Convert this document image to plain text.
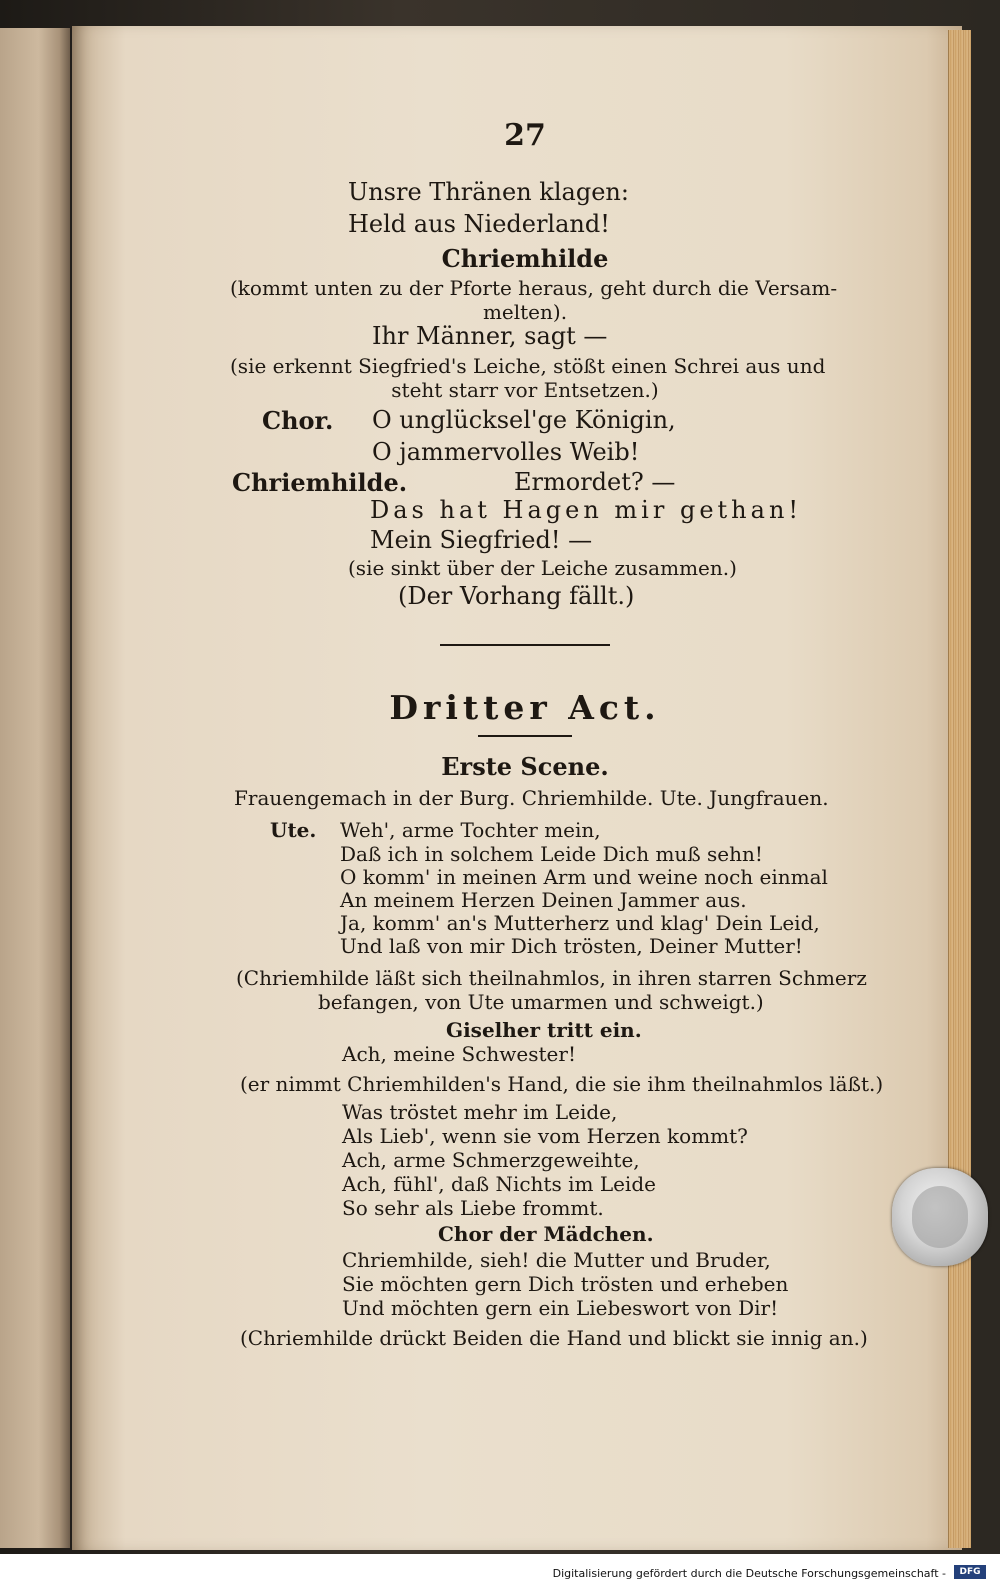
27
Unsre Thränen klagen:
Held aus Niederland!
Chriemhilde
(kommt unten zu der Pforte heraus, geht durch die Versam-
melten).
Ihr Männer, sagt —
(sie erkennt Siegfried's Leiche, stößt einen Schrei aus und
steht starr vor Entsetzen.)
Chor. O unglücksel'ge Königin,
O jammervolles Weib!
Chriemhilde.	Ermordet? —
Das hat Hagen mir gethan!
Mein Siegfried! —
(sie sinkt über der Leiche zusammen.)
(Der Vorhang fällt.)
Dritter Act.
Erste Scene.
Frauengemach in der Burg. Chriemhilde. Ute. Jungfrauen.
Ute. Weh', arme Tochter mein,
Daß ich in solchem Leide Dich muß sehn!
O komm' in meinen Arm und weine noch einmal
An meinem Herzen Deinen Jammer aus.
Ja, komm' an's Mutterherz und klag' Dein Leid,
Und laß von mir Dich trösten, Deiner Mutter!
(Chriemhilde läßt sich theilnahmlos, in ihren starren Schmerz
befangen, von Ute umarmen und schweigt.)
Giselher tritt ein.
Ach, meine Schwester!
(er nimmt Chriemhilden's Hand, die sie ihm theilnahmlos läßt.)
Was tröstet mehr im Leide,
Als Lieb', wenn sie vom Herzen kommt?
Ach, arme Schmerzgeweihte,
Ach, fühl', daß Nichts im Leide
So sehr als Liebe frommt.
Chor der Mädchen.
Chriemhilde, sieh! die Mutter und Bruder,
Sie möchten gern Dich trösten und erheben
Und möchten gern ein Liebeswort von Dir!
(Chriemhilde drückt Beiden die Hand und blickt sie innig an.)
Digitalisierung gefördert durch die Deutsche Forschungsgemeinschaft -	DFG
